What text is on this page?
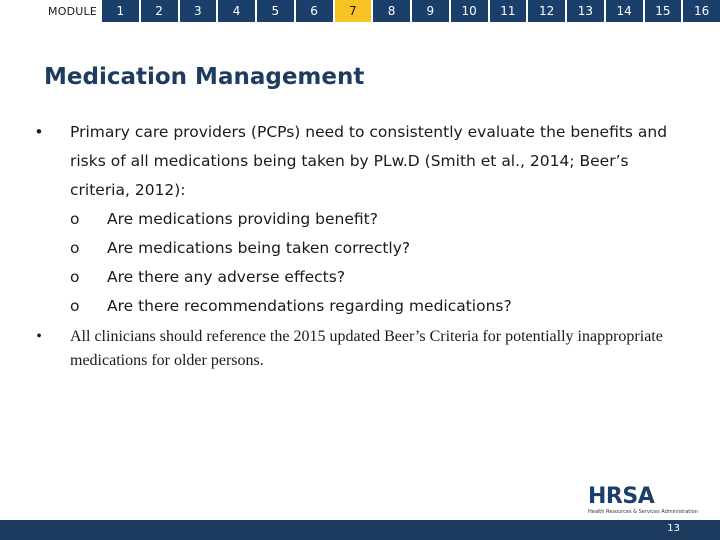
MODULE	1	2	3	4	5	6	7	8	9	10	11	12	13	14	15	16
Medication Management
• Primary care providers (PCPs) need to consistently evaluate the benefits and risks of all medications being taken by PLw.D (Smith et al., 2014; Beer’s criteria, 2012):
o Are medications providing benefit?
o Are medications being taken correctly?
o Are there any adverse effects?
o Are there recommendations regarding medications?
•	All clinicians should reference the 2015 updated Beer’s Criteria for potentially inappropriate medications for older persons.
HRSA
Health Resources & Services Administration
13
